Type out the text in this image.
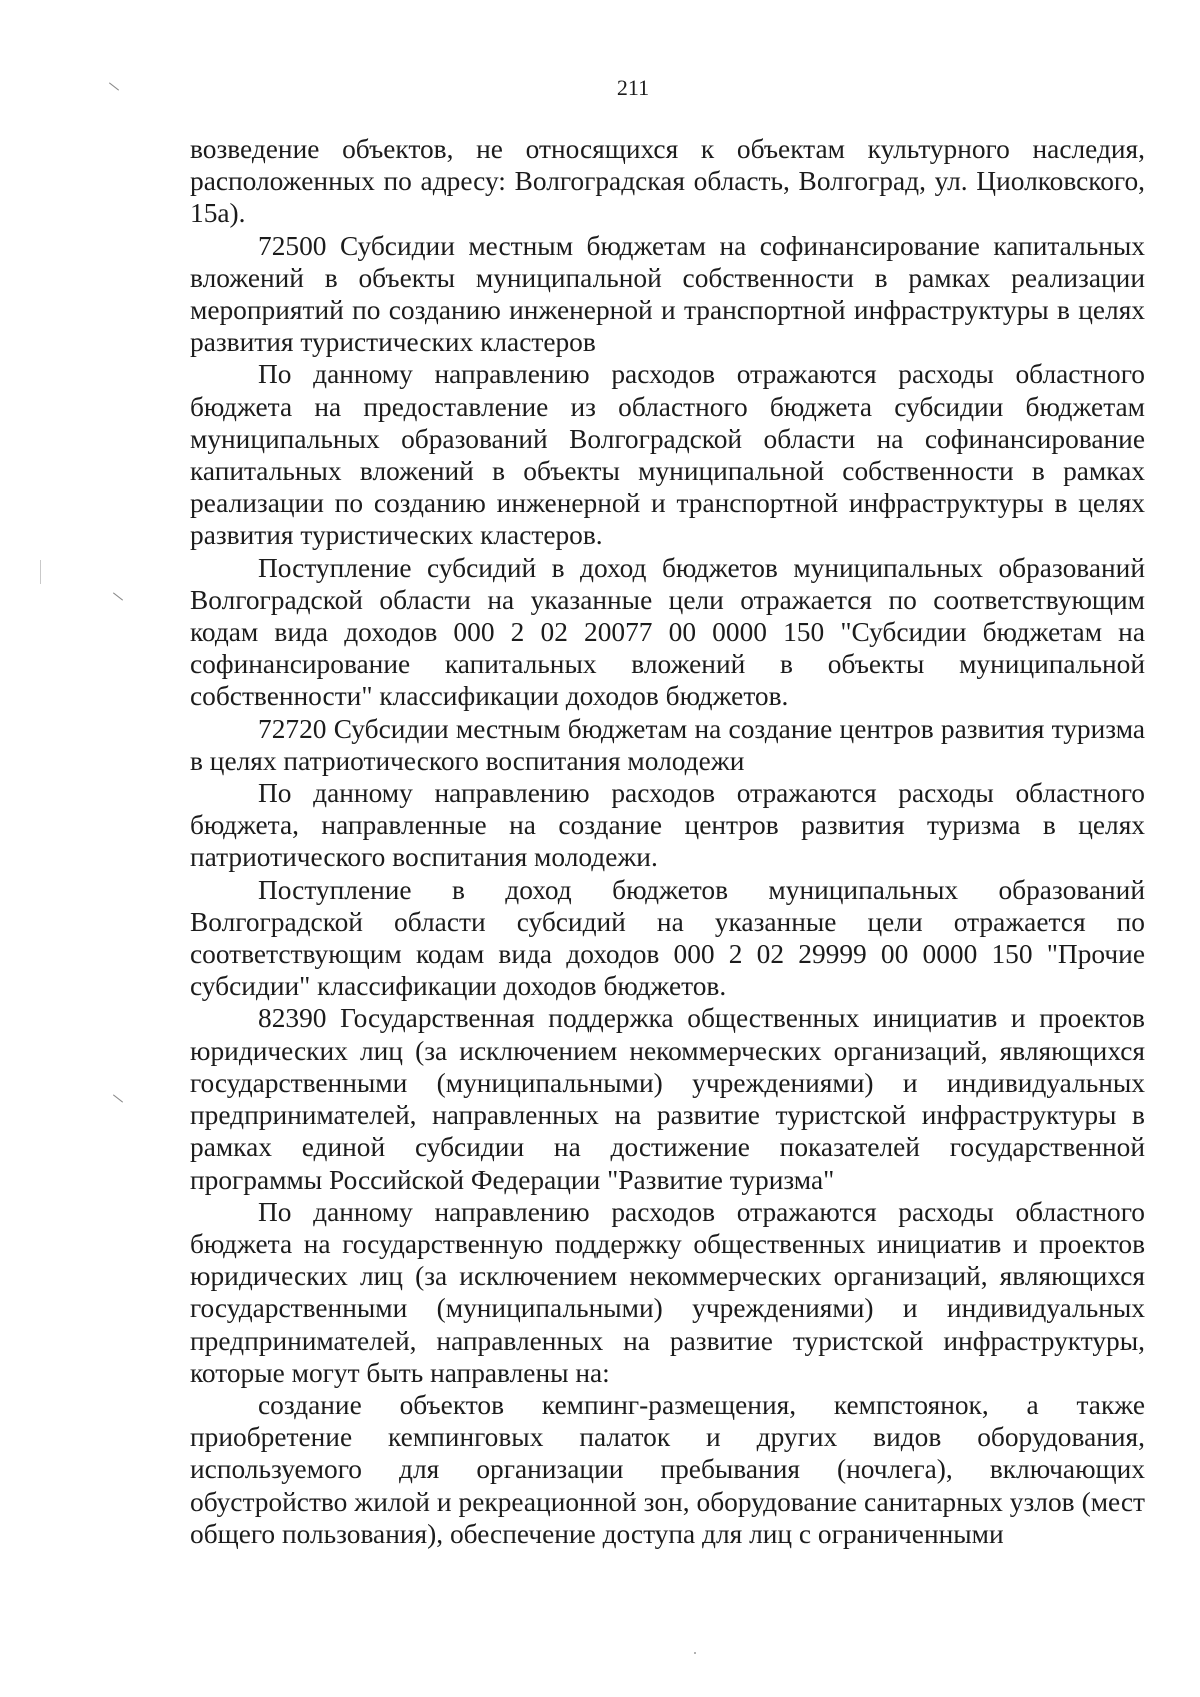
211

возведение объектов, не относящихся к объектам культурного наследия, расположенных по адресу: Волгоградская область, Волгоград, ул. Циолковского, 15а).

72500 Субсидии местным бюджетам на софинансирование капитальных вложений в объекты муниципальной собственности в рамках реализации мероприятий по созданию инженерной и транспортной инфраструктуры в целях развития туристических кластеров

По данному направлению расходов отражаются расходы областного бюджета на предоставление из областного бюджета субсидии бюджетам муниципальных образований Волгоградской области на софинансирование капитальных вложений в объекты муниципальной собственности в рамках реализации по созданию инженерной и транспортной инфраструктуры в целях развития туристических кластеров.

Поступление субсидий в доход бюджетов муниципальных образований Волгоградской области на указанные цели отражается по соответствующим кодам вида доходов 000 2 02 20077 00 0000 150 "Субсидии бюджетам на софинансирование капитальных вложений в объекты муниципальной собственности" классификации доходов бюджетов.

72720 Субсидии местным бюджетам на создание центров развития туризма в целях патриотического воспитания молодежи

По данному направлению расходов отражаются расходы областного бюджета, направленные на создание центров развития туризма в целях патриотического воспитания молодежи.

Поступление в доход бюджетов муниципальных образований Волгоградской области субсидий на указанные цели отражается по соответствующим кодам вида доходов 000 2 02 29999 00 0000 150 "Прочие субсидии" классификации доходов бюджетов.

82390 Государственная поддержка общественных инициатив и проектов юридических лиц (за исключением некоммерческих организаций, являющихся государственными (муниципальными) учреждениями) и индивидуальных предпринимателей, направленных на развитие туристской инфраструктуры в рамках единой субсидии на достижение показателей государственной программы Российской Федерации "Развитие туризма"

По данному направлению расходов отражаются расходы областного бюджета на государственную поддержку общественных инициатив и проектов юридических лиц (за исключением некоммерческих организаций, являющихся государственными (муниципальными) учреждениями) и индивидуальных предпринимателей, направленных на развитие туристской инфраструктуры, которые могут быть направлены на:

создание объектов кемпинг-размещения, кемпстоянок, а также приобретение кемпинговых палаток и других видов оборудования, используемого для организации пребывания (ночлега), включающих обустройство жилой и рекреационной зон, оборудование санитарных узлов (мест общего пользования), обеспечение доступа для лиц с ограниченными
